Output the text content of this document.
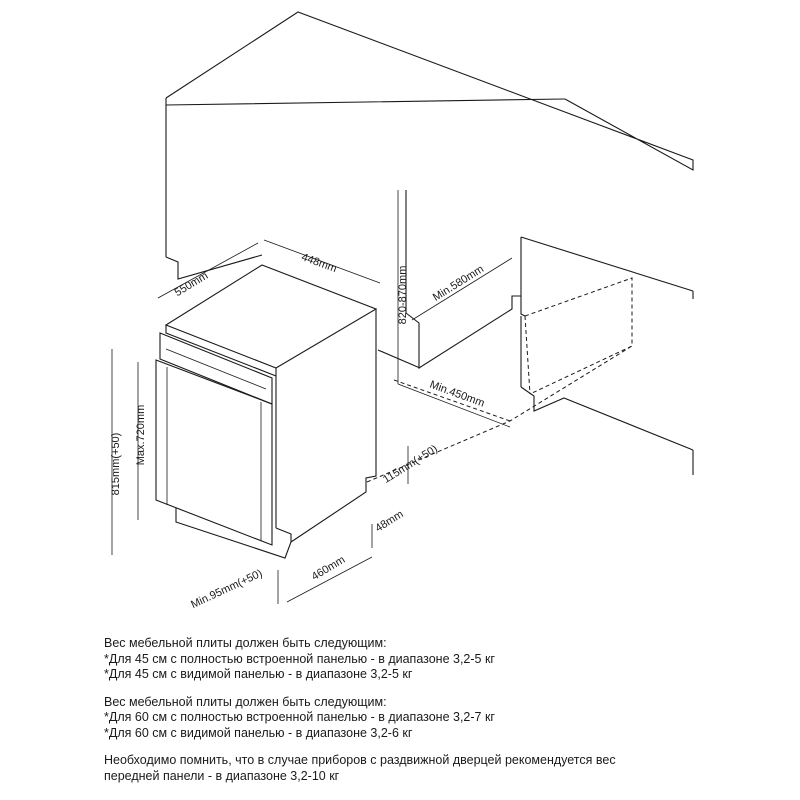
550mm
448mm
820-870mm Min.580mm
Min.450mm
815mm(+50) Max.720mm	115mm(+50)
48mm
460mm
Min.95mm(+50)
Вес мебельной плиты должен быть следующим:
*Для 45 см с полностью встроенной панелью - в диапазоне 3,2-5 кг
*Для 45 см с видимой панелью - в диапазоне 3,2-5 кг
Вес мебельной плиты должен быть следующим:
*Для 60 см с полностью встроенной панелью - в диапазоне 3,2-7 кг
*Для 60 см с видимой панелью - в диапазоне 3,2-6 кг
Необходимо помнить, что в случае приборов с раздвижной дверцей рекомендуется вес
передней панели - в диапазоне 3,2-10 кг
